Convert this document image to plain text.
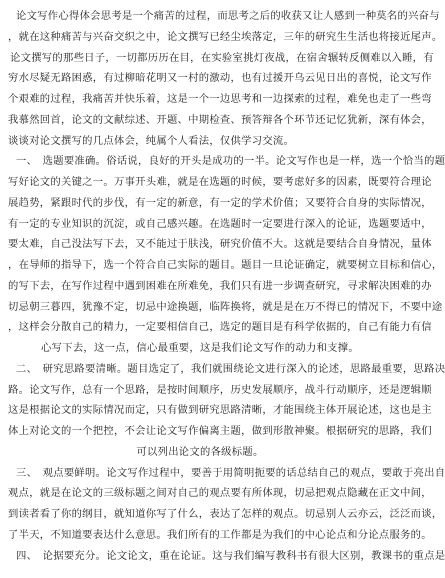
论文写作心得体会思考是一个痛苦的过程，而思考之后的收获又让人感到一种莫名的兴奋与
，就在这种痛苦与兴奋交织之中，论文撰写已经尘埃落定，三年的研究生生活也将接近尾声。
论文撰写的那些日子，一切都历历在目，在实验室挑灯夜战，在宿舍辗转反侧难以入睡，有
穷水尽疑无路困惑，有过柳暗花明又一村的激动，也有过援开乌云见日出的喜悦，论文写作
个艰难的过程，我痛苦并快乐着，这是一个一边思考和一边探索的过程，难免也走了一些弯
我慕然回首，论文的文献综述、开题、中期检查、预答辩各个环节还记忆犹新，深有体会，
谈谈对论文撰写的几点体会，纯属个人看法，仅供学习交流。
一、　选题要准确。俗话说，良好的开头是成功的一半。论文写作也是一样，选一个恰当的题
写好论文的关键之一。万事开头难，就是在选题的时候，要考虑好多的因素，既要符合理论
展趋势，紧跟时代的步伐，有一定的新意，有一定的学术价值；又要符合自身的实际情况，
有一定的专业知识的沉淀，或自己感兴趣。在选题时一定要进行深入的论证，选题要适中，
要太难，自己没法写下去，又不能过于肤浅，研究价值不大。这就是要结合自身情况，量体
，在导师的指导下，选一个符合自己实际的题目。题目一旦论证确定，就要树立目标和信心，
的写下去，在写作过程中遇到困难在所难免，我们只有进一步调查研究，寻求解决困难的办
切忌朝三暮四，犹豫不定，切忌中途换题，临阵换将，就是是在万不得已的情况下，不要中途
，这样会分散自己的精力，一定要相信自己，选定的题目是有科学依据的，自己有能力有信
心写下去，这一点，信心最重要，这是我们论文写作的动力和支撑。
二、　研究思路要清晰。题目选定了，我们就围绕论文进行深入的论述，思路最重要，思路决
路。论文写作，总有一个思路，是按时间顺序，历史发展顺序，战斗行动顺序，还是逻辑顺
这是根据论文的实际情况而定，只有做到研究思路清晰，才能围绕主体开展论述，这也是主
体上对论文的一个把控，不会让论文写作偏离主题，做到形散神聚。根据研究的思路，我们
可以列出论文的各级标题。
三、　观点要鲜明。论文写作过程中，要善于用简明扼要的话总结自己的观点，要敢于亮出自
观点，就是在论文的三级标题之间对自己的观点要有所体现，切忌把观点隐藏在正文中间，
到读者看了你的纲目，就知道你写了什么，表达了怎样的观点。切忌别人云亦云，泛泛而谈，
了半天，不知道要表达什么意思。我们所有的工作都是为我们的中心论点和分论点服务的。
四、　论据要充分。论文论文，重在论证。这与我们编写教科书有很大区别，教课书的重点是
